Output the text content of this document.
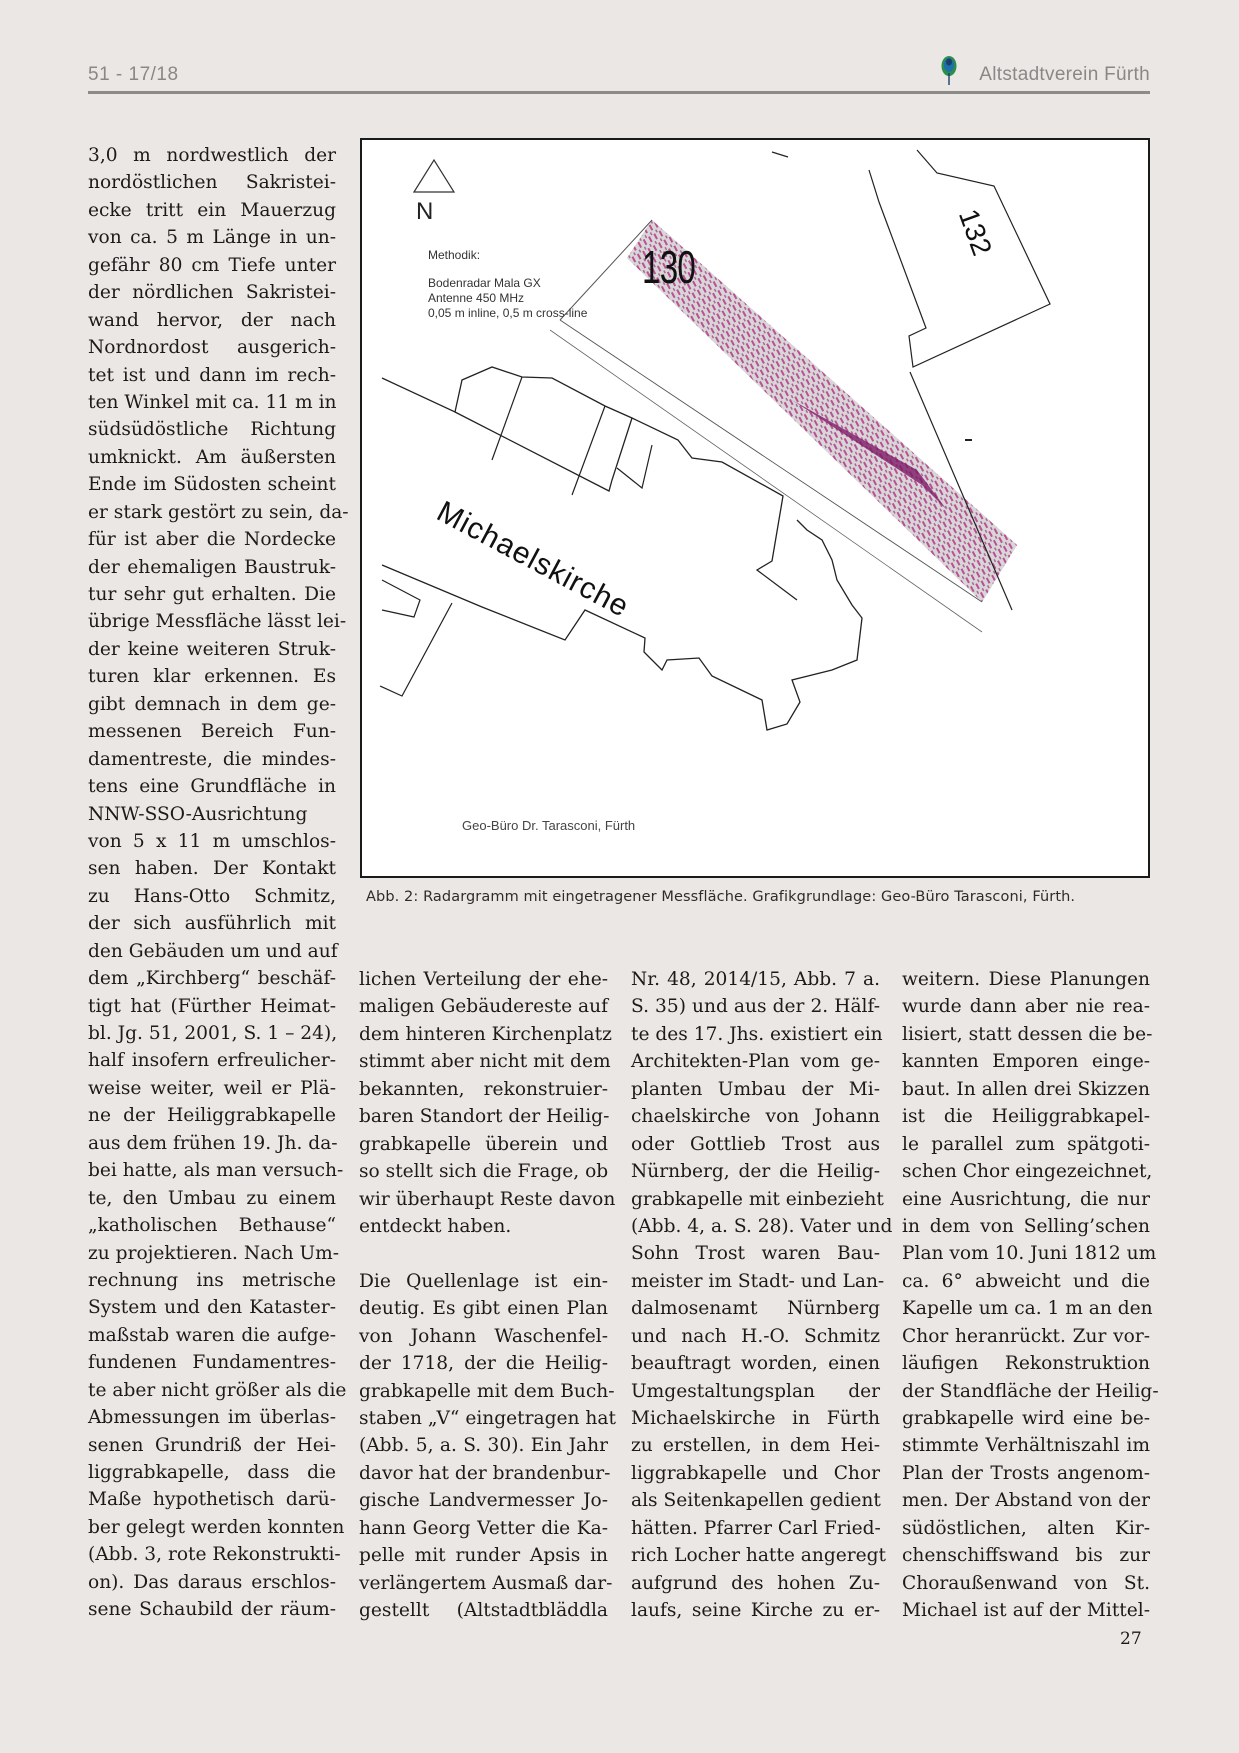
51 - 17/18	Altstadtverein Fürth
N
Methodik:
Bodenradar Mala GX
Antenne 450 MHz
0,05 m inline, 0,5 m cross-line
130
132
Michaelskirche
Geo-Büro Dr. Tarasconi, Fürth
Abb. 2: Radargramm mit eingetragener Messfläche. Grafikgrundlage: Geo-Büro Tarasconi, Fürth.
3,0 m nordwestlich der
nordöstlichen Sakristei-
ecke tritt ein Mauerzug
von ca. 5 m Länge in un-
gefähr 80 cm Tiefe unter
der nördlichen Sakristei-
wand hervor, der nach
Nordnordost ausgerich-
tet ist und dann im rech-
ten Winkel mit ca. 11 m in
südsüdöstliche Richtung
umknickt. Am äußersten
Ende im Südosten scheint
er stark gestört zu sein, da-
für ist aber die Nordecke
der ehemaligen Baustruk-
tur sehr gut erhalten. Die
übrige Messfläche lässt lei-
der keine weiteren Struk-
turen klar erkennen. Es
gibt demnach in dem ge-
messenen Bereich Fun-
damentreste, die mindes-
tens eine Grundfläche in
NNW-SSO-Ausrichtung
von 5 x 11 m umschlos-
sen haben. Der Kontakt
zu Hans-Otto Schmitz,
der sich ausführlich mit
den Gebäuden um und auf
dem „Kirchberg“ beschäf-
tigt hat (Fürther Heimat-
bl. Jg. 51, 2001, S. 1 – 24),
half insofern erfreulicher-
weise weiter, weil er Plä-
ne der Heiliggrabkapelle
aus dem frühen 19. Jh. da-
bei hatte, als man versuch-
te, den Umbau zu einem
„katholischen Bethause“
zu projektieren. Nach Um-
rechnung ins metrische
System und den Kataster-
maßstab waren die aufge-
fundenen Fundamentres-
te aber nicht größer als die
Abmessungen im überlas-
senen Grundriß der Hei-
liggrabkapelle, dass die
Maße hypothetisch darü-
ber gelegt werden konnten
(Abb. 3, rote Rekonstrukti-
on). Das daraus erschlos-
sene Schaubild der räum-
lichen Verteilung der ehe-
maligen Gebäudereste auf
dem hinteren Kirchenplatz
stimmt aber nicht mit dem
bekannten, rekonstruier-
baren Standort der Heilig-
grabkapelle überein und
so stellt sich die Frage, ob
wir überhaupt Reste davon
entdeckt haben.
Die Quellenlage ist ein-
deutig. Es gibt einen Plan
von Johann Waschenfel-
der 1718, der die Heilig-
grabkapelle mit dem Buch-
staben „V“ eingetragen hat
(Abb. 5, a. S. 30). Ein Jahr
davor hat der brandenbur-
gische Landvermesser Jo-
hann Georg Vetter die Ka-
pelle mit runder Apsis in
verlängertem Ausmaß dar-
gestellt (Altstadtbläddla
Nr. 48, 2014/15, Abb. 7 a.
S. 35) und aus der 2. Hälf-
te des 17. Jhs. existiert ein
Architekten-Plan vom ge-
planten Umbau der Mi-
chaelskirche von Johann
oder Gottlieb Trost aus
Nürnberg, der die Heilig-
grabkapelle mit einbezieht
(Abb. 4, a. S. 28). Vater und
Sohn Trost waren Bau-
meister im Stadt- und Lan-
dalmosenamt Nürnberg
und nach H.-O. Schmitz
beauftragt worden, einen
Umgestaltungsplan der
Michaelskirche in Fürth
zu erstellen, in dem Hei-
liggrabkapelle und Chor
als Seitenkapellen gedient
hätten. Pfarrer Carl Fried-
rich Locher hatte angeregt
aufgrund des hohen Zu-
laufs, seine Kirche zu er-
weitern. Diese Planungen
wurde dann aber nie rea-
lisiert, statt dessen die be-
kannten Emporen einge-
baut. In allen drei Skizzen
ist die Heiliggrabkapel-
le parallel zum spätgoti-
schen Chor eingezeichnet,
eine Ausrichtung, die nur
in dem von Selling’schen
Plan vom 10. Juni 1812 um
ca. 6° abweicht und die
Kapelle um ca. 1 m an den
Chor heranrückt. Zur vor-
läufigen Rekonstruktion
der Standfläche der Heilig-
grabkapelle wird eine be-
stimmte Verhältniszahl im
Plan der Trosts angenom-
men. Der Abstand von der
südöstlichen, alten Kir-
chenschiffswand bis zur
Choraußenwand von St.
Michael ist auf der Mittel-
27
